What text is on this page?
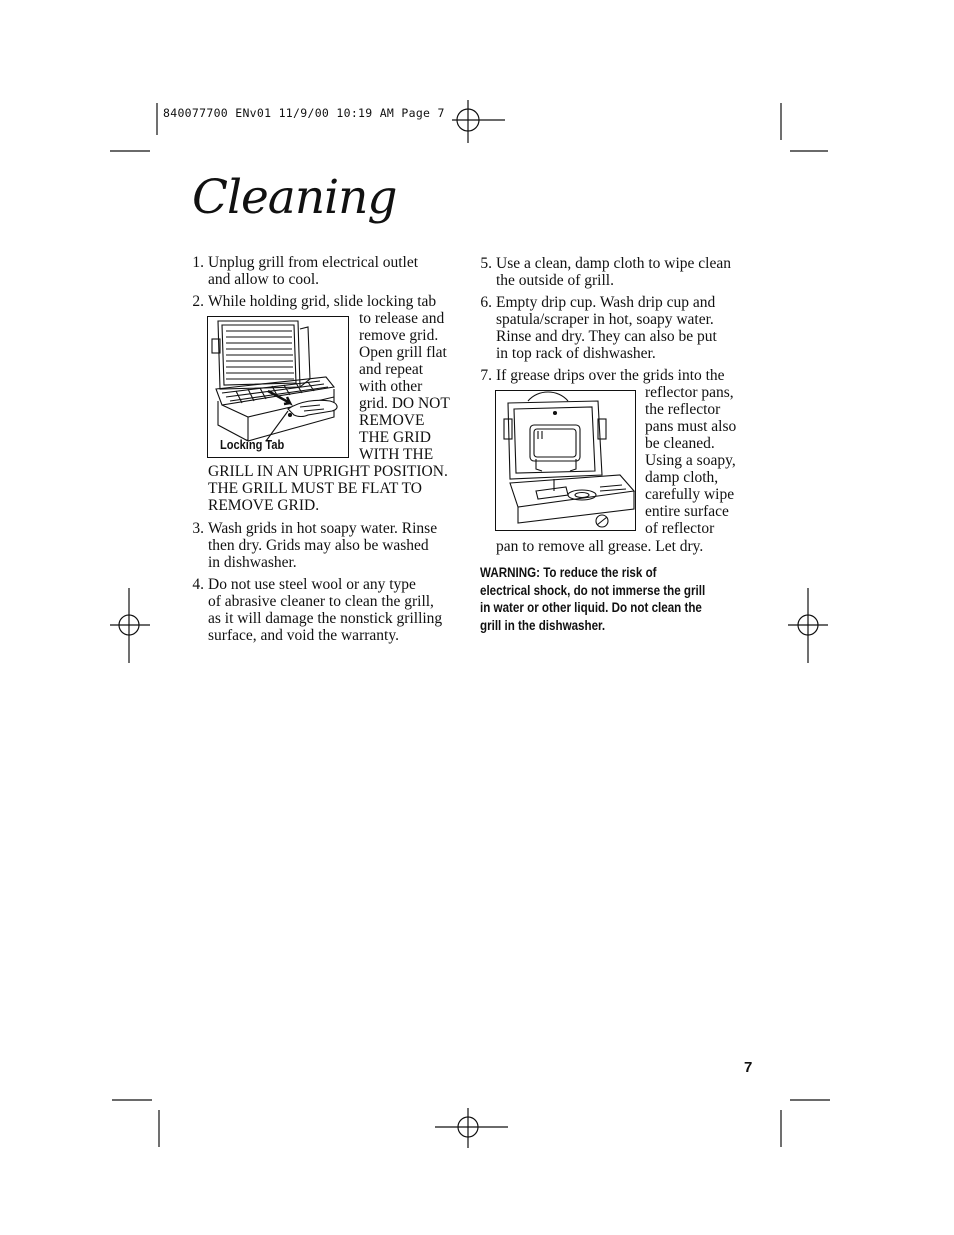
840077700 ENv01 11/9/00 10:19 AM Page 7
Cleaning
1. Unplug grill from electrical outlet
and allow to cool.
2. While holding grid, slide locking tab
to release and
remove grid.
Open grill flat
and repeat
with other
grid. DO NOT
REMOVE
THE GRID
WITH THE
GRILL IN AN UPRIGHT POSITION.
THE GRILL MUST BE FLAT TO
REMOVE GRID.
3. Wash grids in hot soapy water. Rinse
then dry. Grids may also be washed
in dishwasher.
4. Do not use steel wool or any type
of abrasive cleaner to clean the grill,
as it will damage the nonstick grilling
surface, and void the warranty.
Locking Tab
5. Use a clean, damp cloth to wipe clean
the outside of grill.
6. Empty drip cup. Wash drip cup and
spatula/scraper in hot, soapy water.
Rinse and dry. They can also be put
in top rack of dishwasher.
7. If grease drips over the grids into the
reflector pans,
the reflector
pans must also
be cleaned.
Using a soapy,
damp cloth,
carefully wipe
entire surface
of reflector
pan to remove all grease. Let dry.
WARNING: To reduce the risk of
electrical shock, do not immerse the grill
in water or other liquid. Do not clean the
grill in the dishwasher.
7
